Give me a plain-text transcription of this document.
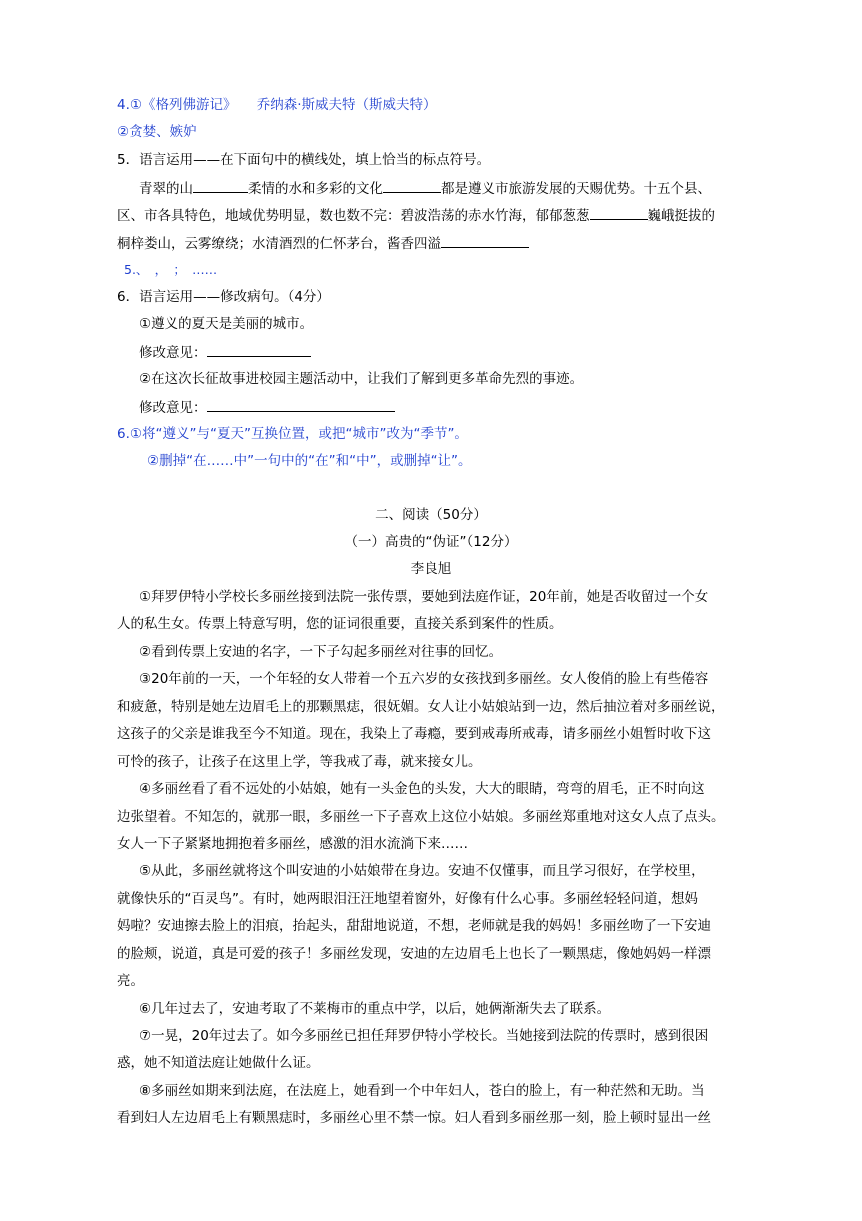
4.①《格列佛游记》　　乔纳森·斯威夫特（斯威夫特）
②贪婪、嫉妒
5．语言运用——在下面句中的横线处，填上恰当的标点符号。
青翠的山	柔情的水和多彩的文化	都是遵义市旅游发展的天赐优势。十五个县、
区、市各具特色，地域优势明显，数也数不完：碧波浩荡的赤水竹海，郁郁葱葱	巍峨挺拔的
桐梓娄山，云雾缭绕；水清酒烈的仁怀茅台，酱香四溢
5.、　，　；　……
6．语言运用——修改病句。（4分）
①遵义的夏天是美丽的城市。
修改意见：
②在这次长征故事进校园主题活动中，让我们了解到更多革命先烈的事迹。
修改意见：
6.①将“遵义”与“夏天”互换位置，或把“城市”改为“季节”。
②删掉“在……中”一句中的“在”和“中”，或删掉“让”。
二、阅读（50分）
（一）高贵的“伪证”（12分）
李良旭
①拜罗伊特小学校长多丽丝接到法院一张传票，要她到法庭作证，20年前，她是否收留过一个女
人的私生女。传票上特意写明，您的证词很重要，直接关系到案件的性质。
②看到传票上安迪的名字，一下子勾起多丽丝对往事的回忆。
③20年前的一天，一个年轻的女人带着一个五六岁的女孩找到多丽丝。女人俊俏的脸上有些倦容
和疲惫，特别是她左边眉毛上的那颗黑痣，很妩媚。女人让小姑娘站到一边，然后抽泣着对多丽丝说，
这孩子的父亲是谁我至今不知道。现在，我染上了毒瘾，要到戒毒所戒毒，请多丽丝小姐暂时收下这
可怜的孩子，让孩子在这里上学，等我戒了毒，就来接女儿。
④多丽丝看了看不远处的小姑娘，她有一头金色的头发，大大的眼睛，弯弯的眉毛，正不时向这
边张望着。不知怎的，就那一眼，多丽丝一下子喜欢上这位小姑娘。多丽丝郑重地对这女人点了点头。
女人一下子紧紧地拥抱着多丽丝，感激的泪水流淌下来……
⑤从此，多丽丝就将这个叫安迪的小姑娘带在身边。安迪不仅懂事，而且学习很好，在学校里，
就像快乐的“百灵鸟”。有时，她两眼泪汪汪地望着窗外，好像有什么心事。多丽丝轻轻问道，想妈
妈啦？安迪擦去脸上的泪痕，抬起头，甜甜地说道，不想，老师就是我的妈妈！多丽丝吻了一下安迪
的脸颊，说道，真是可爱的孩子！多丽丝发现，安迪的左边眉毛上也长了一颗黑痣，像她妈妈一样漂
亮。
⑥几年过去了，安迪考取了不莱梅市的重点中学，以后，她俩渐渐失去了联系。
⑦一晃，20年过去了。如今多丽丝已担任拜罗伊特小学校长。当她接到法院的传票时，感到很困
惑，她不知道法庭让她做什么证。
⑧多丽丝如期来到法庭，在法庭上，她看到一个中年妇人，苍白的脸上，有一种茫然和无助。当
看到妇人左边眉毛上有颗黑痣时，多丽丝心里不禁一惊。妇人看到多丽丝那一刻，脸上顿时显出一丝
